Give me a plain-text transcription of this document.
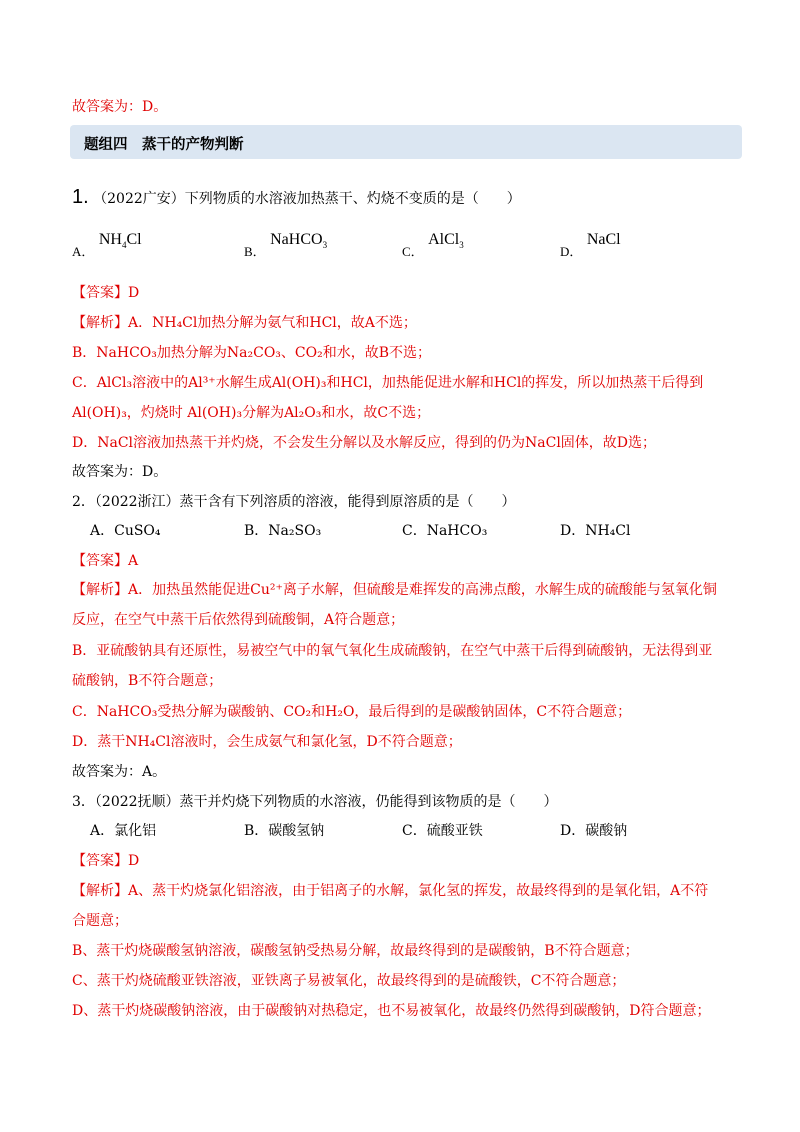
故答案为：D。
题组四　蒸干的产物判断
1. （2022广安）下列物质的水溶液加热蒸干、灼烧不变质的是（　　）
A． $NH_4Cl$
B． NaHCO$_3$	C． AlCl$_3$	D． NaCl
【答案】D
【解析】A．NH₄Cl加热分解为氨气和HCl，故A不选；
B．NaHCO₃加热分解为Na₂CO₃、CO₂和水，故B不选；
C．AlCl₃溶液中的Al³⁺水解生成Al(OH)₃和HCl，加热能促进水解和HCl的挥发，所以加热蒸干后得到
Al(OH)₃，灼烧时 Al(OH)₃分解为Al₂O₃和水，故C不选；
D．NaCl溶液加热蒸干并灼烧，不会发生分解以及水解反应，得到的仍为NaCl固体，故D选；
故答案为：D。
2．（2022浙江）蒸干含有下列溶质的溶液，能得到原溶质的是（　　）
A．CuSO₄	B．Na₂SO₃	C．NaHCO₃	D．NH₄Cl
【答案】A
【解析】A．加热虽然能促进Cu²⁺离子水解，但硫酸是难挥发的高沸点酸，水解生成的硫酸能与氢氧化铜
反应，在空气中蒸干后依然得到硫酸铜，A符合题意；
B．亚硫酸钠具有还原性，易被空气中的氧气氧化生成硫酸钠，在空气中蒸干后得到硫酸钠，无法得到亚
硫酸钠，B不符合题意；
C．NaHCO₃受热分解为碳酸钠、CO₂和H₂O，最后得到的是碳酸钠固体，C不符合题意；
D．蒸干NH₄Cl溶液时，会生成氨气和氯化氢，D不符合题意；
故答案为：A。
3．（2022抚顺）蒸干并灼烧下列物质的水溶液，仍能得到该物质的是（　　）
A．氯化铝	B．碳酸氢钠	C．硫酸亚铁	D．碳酸钠
【答案】D
【解析】A、蒸干灼烧氯化铝溶液，由于铝离子的水解，氯化氢的挥发，故最终得到的是氧化铝，A不符
合题意；
B、蒸干灼烧碳酸氢钠溶液，碳酸氢钠受热易分解，故最终得到的是碳酸钠，B不符合题意；
C、蒸干灼烧硫酸亚铁溶液，亚铁离子易被氧化，故最终得到的是硫酸铁，C不符合题意；
D、蒸干灼烧碳酸钠溶液，由于碳酸钠对热稳定，也不易被氧化，故最终仍然得到碳酸钠，D符合题意；
